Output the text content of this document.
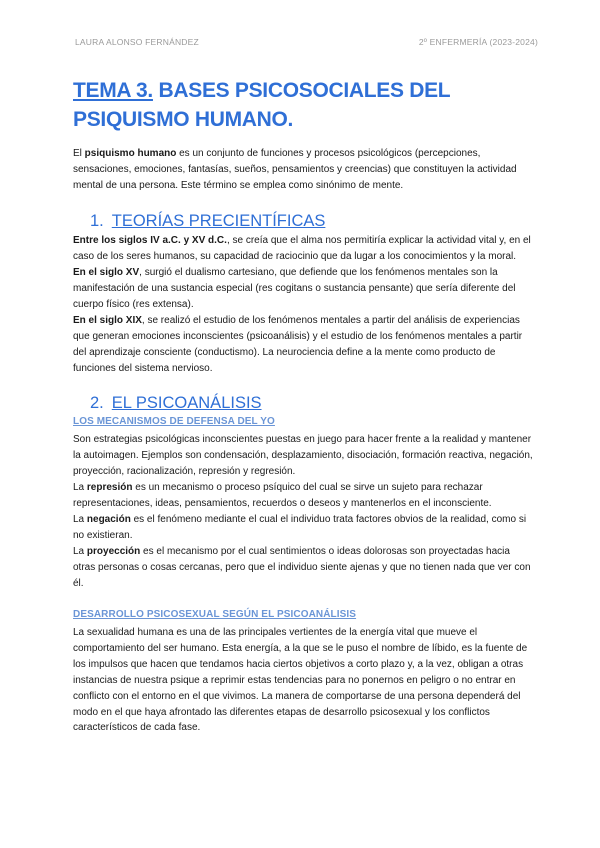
LAURA ALONSO FERNÁNDEZ	2º ENFERMERÍA (2023-2024)
TEMA 3. BASES PSICOSOCIALES DEL PSIQUISMO HUMANO.

El psiquismo humano es un conjunto de funciones y procesos psicológicos (percepciones, sensaciones, emociones, fantasías, sueños, pensamientos y creencias) que constituyen la actividad mental de una persona. Este término se emplea como sinónimo de mente.

1. TEORÍAS PRECIENTÍFICAS

Entre los siglos IV a.C. y XV d.C., se creía que el alma nos permitiría explicar la actividad vital y, en el caso de los seres humanos, su capacidad de raciocinio que da lugar a los conocimientos y la moral.

En el siglo XV, surgió el dualismo cartesiano, que defiende que los fenómenos mentales son la manifestación de una sustancia especial (res cogitans o sustancia pensante) que sería diferente del cuerpo físico (res extensa).

En el siglo XIX, se realizó el estudio de los fenómenos mentales a partir del análisis de experiencias que generan emociones inconscientes (psicoanálisis) y el estudio de los fenómenos mentales a partir del aprendizaje consciente (conductismo). La neurociencia define a la mente como producto de funciones del sistema nervioso.

2. EL PSICOANÁLISIS
LOS MECANISMOS DE DEFENSA DEL YO

Son estrategias psicológicas inconscientes puestas en juego para hacer frente a la realidad y mantener la autoimagen. Ejemplos son condensación, desplazamiento, disociación, formación reactiva, negación, proyección, racionalización, represión y regresión.

La represión es un mecanismo o proceso psíquico del cual se sirve un sujeto para rechazar representaciones, ideas, pensamientos, recuerdos o deseos y mantenerlos en el inconsciente.

La negación es el fenómeno mediante el cual el individuo trata factores obvios de la realidad, como si no existieran.

La proyección es el mecanismo por el cual sentimientos o ideas dolorosas son proyectadas hacia otras personas o cosas cercanas, pero que el individuo siente ajenas y que no tienen nada que ver con él.

DESARROLLO PSICOSEXUAL SEGÚN EL PSICOANÁLISIS

La sexualidad humana es una de las principales vertientes de la energía vital que mueve el comportamiento del ser humano. Esta energía, a la que se le puso el nombre de líbido, es la fuente de los impulsos que hacen que tendamos hacia ciertos objetivos a corto plazo y, a la vez, obligan a otras instancias de nuestra psique a reprimir estas tendencias para no ponernos en peligro o no entrar en conflicto con el entorno en el que vivimos. La manera de comportarse de una persona dependerá del modo en el que haya afrontado las diferentes etapas de desarrollo psicosexual y los conflictos característicos de cada fase.
